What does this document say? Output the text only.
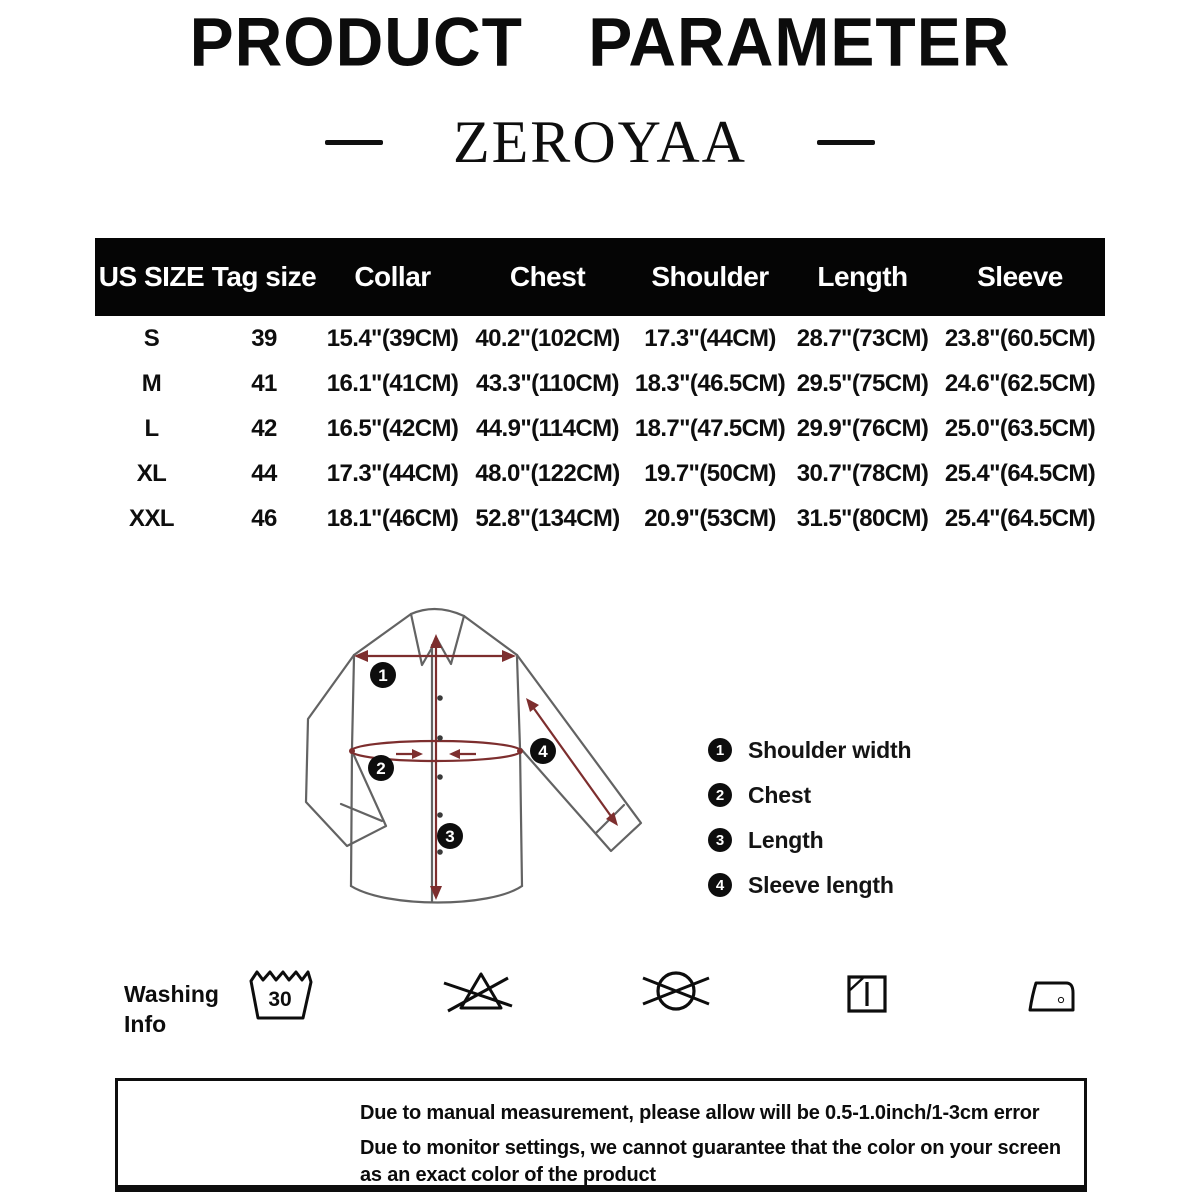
PRODUCT PARAMETER
ZEROYAA
US SIZE	Tag size	Collar	Chest	Shoulder	Length	Sleeve
S	39	15.4"(39CM)	40.2"(102CM)	17.3"(44CM)	28.7"(73CM)	23.8"(60.5CM)
M	41	16.1"(41CM)	43.3"(110CM)	18.3"(46.5CM)	29.5"(75CM)	24.6"(62.5CM)
L	42	16.5"(42CM)	44.9"(114CM)	18.7"(47.5CM)	29.9"(76CM)	25.0"(63.5CM)
XL	44	17.3"(44CM)	48.0"(122CM)	19.7"(50CM)	30.7"(78CM)	25.4"(64.5CM)
XXL	46	18.1"(46CM)	52.8"(134CM)	20.9"(53CM)	31.5"(80CM)	25.4"(64.5CM)
1
2
3
4	1	Shoulder width
2	Chest
3	Length
4	Sleeve length
Washing
Info
30

Due to manual measurement, please allow will be 0.5-1.0inch/1-3cm error

Due to monitor settings, we cannot guarantee that the color on your screen

as an exact color of the product
